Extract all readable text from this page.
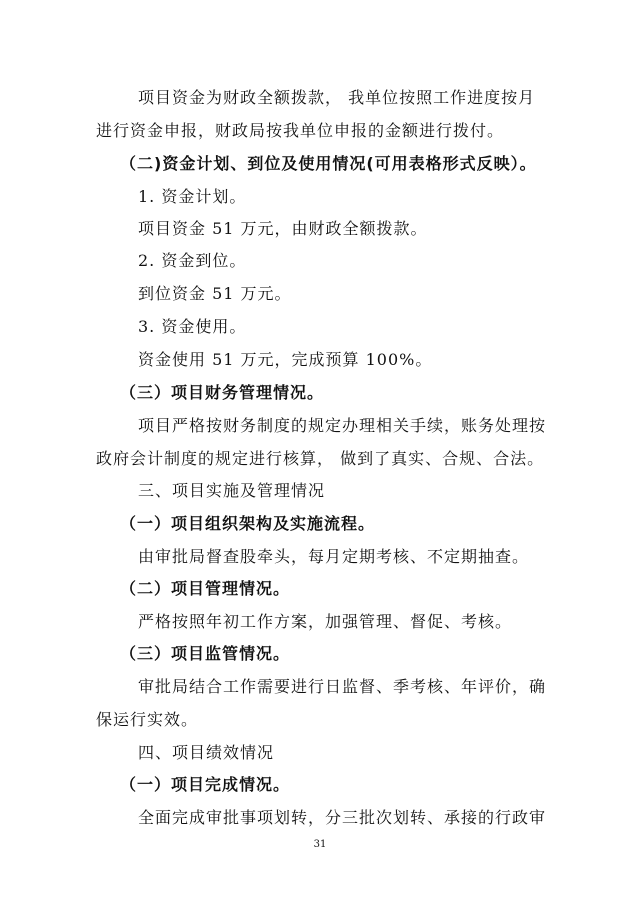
项目资金为财政全额拨款， 我单位按照工作进度按月
进行资金申报，财政局按我单位申报的金额进行拨付。
（二)资金计划、到位及使用情况(可用表格形式反映）。
1. 资金计划。
项目资金 51 万元，由财政全额拨款。
2. 资金到位。
到位资金 51 万元。
3. 资金使用。
资金使用 51 万元，完成预算 100%。
（三）项目财务管理情况。
项目严格按财务制度的规定办理相关手续，账务处理按
政府会计制度的规定进行核算， 做到了真实、合规、合法。
三、项目实施及管理情况
（一）项目组织架构及实施流程。
由审批局督查股牵头，每月定期考核、不定期抽查。
（二）项目管理情况。
严格按照年初工作方案，加强管理、督促、考核。
（三）项目监管情况。
审批局结合工作需要进行日监督、季考核、年评价，确
保运行实效。
四、项目绩效情况
（一）项目完成情况。
全面完成审批事项划转，分三批次划转、承接的行政审
31
